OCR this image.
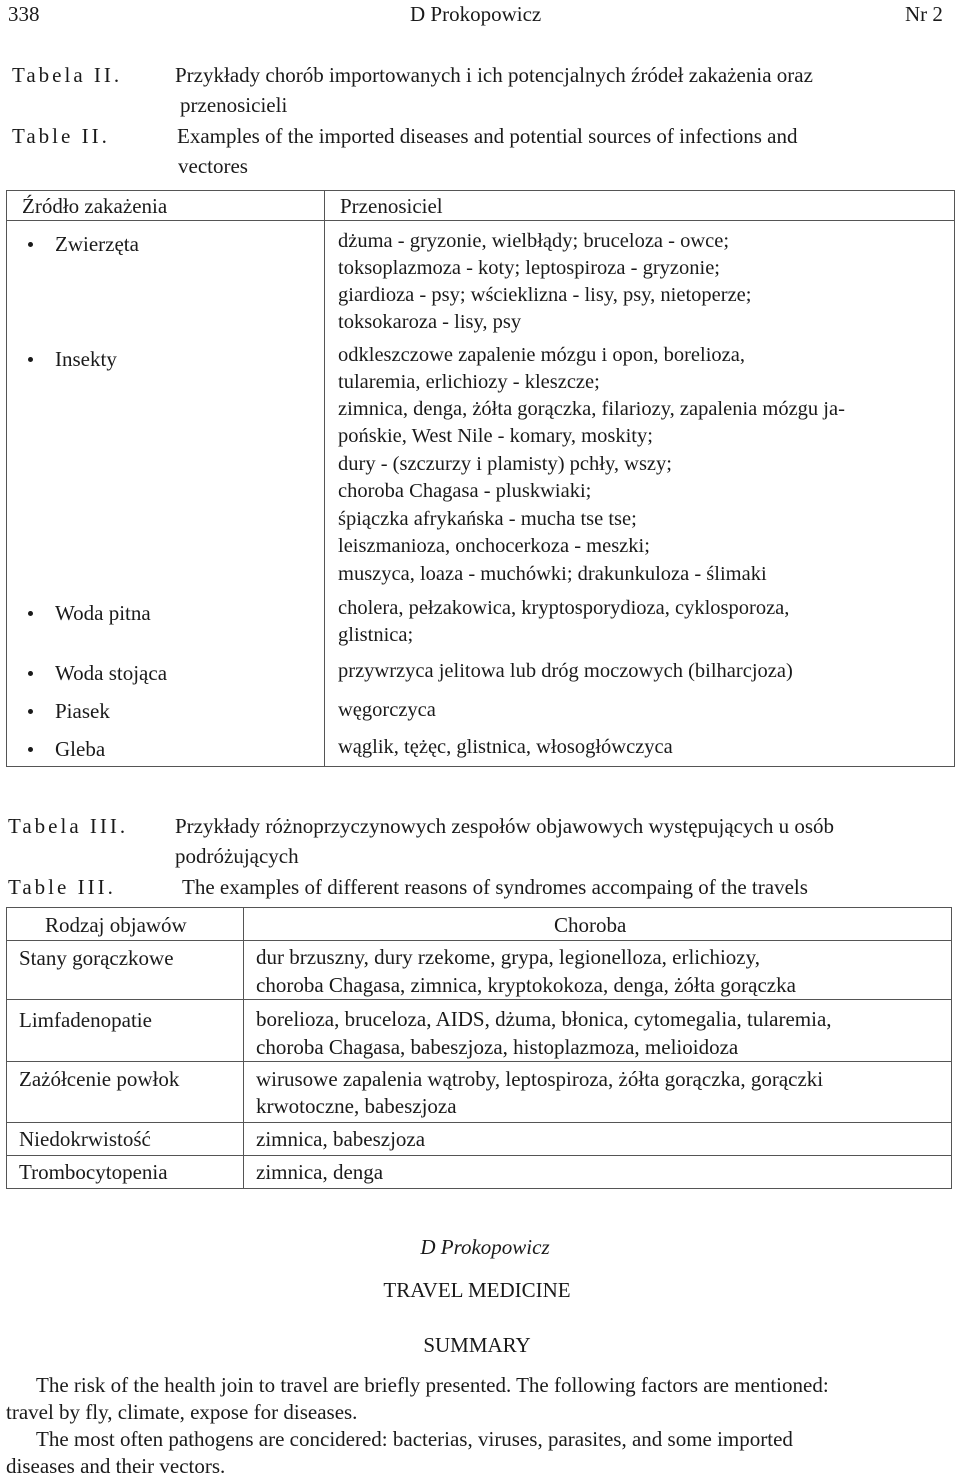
338	D Prokopowicz	Nr 2
Tabela II.	Przykłady chorób importowanych i ich potencjalnych źródeł zakażenia oraz
przenosicieli
Table II.	Examples of the imported diseases and potential sources of infections and
vectores
Źródło zakażenia	Przenosiciel
Zwierzęta	dżuma - gryzonie, wielbłądy; bruceloza - owce;
toksoplazmoza - koty; leptospiroza - gryzonie;
giardioza - psy; wścieklizna - lisy, psy, nietoperze;
toksokaroza - lisy, psy
Insekty	odkleszczowe zapalenie mózgu i opon, borelioza,
tularemia, erlichiozy - kleszcze;
zimnica, denga, żółta gorączka, filariozy, zapalenia mózgu ja-
pońskie, West Nile - komary, moskity;
dury - (szczurzy i plamisty) pchły, wszy;
choroba Chagasa - pluskwiaki;
śpiączka afrykańska - mucha tse tse;
leiszmanioza, onchocerkoza - meszki;
muszyca, loaza - muchówki; drakunkuloza - ślimaki
Woda pitna	cholera, pełzakowica, kryptosporydioza, cyklosporoza,
glistnica;
Woda stojąca	przywrzyca jelitowa lub dróg moczowych (bilharcjoza)
Piasek	węgorczyca
Gleba	wąglik, tężęc, glistnica, włosogłówczyca
Tabela III. Przykłady różnoprzyczynowych zespołów objawowych występujących u osób
podróżujących
Table III.	The examples of different reasons of syndromes accompaing of the travels
Rodzaj objawów	Choroba
Stany gorączkowe	dur brzuszny, dury rzekome, grypa, legionelloza, erlichiozy,
choroba Chagasa, zimnica, kryptokokoza, denga, żółta gorączka
Limfadenopatie	borelioza, bruceloza, AIDS, dżuma, błonica, cytomegalia, tularemia,
choroba Chagasa, babeszjoza, histoplazmoza, melioidoza
Zażółcenie powłok	wirusowe zapalenia wątroby, leptospiroza, żółta gorączka, gorączki
krwotoczne, babeszjoza
Niedokrwistość	zimnica, babeszjoza
Trombocytopenia	zimnica, denga
D Prokopowicz
TRAVEL MEDICINE
SUMMARY
The risk of the health join to travel are briefly presented. The following factors are mentioned:
travel by fly, climate, expose for diseases.
The most often pathogens are concidered: bacterias, viruses, parasites, and some imported
diseases and their vectors.
